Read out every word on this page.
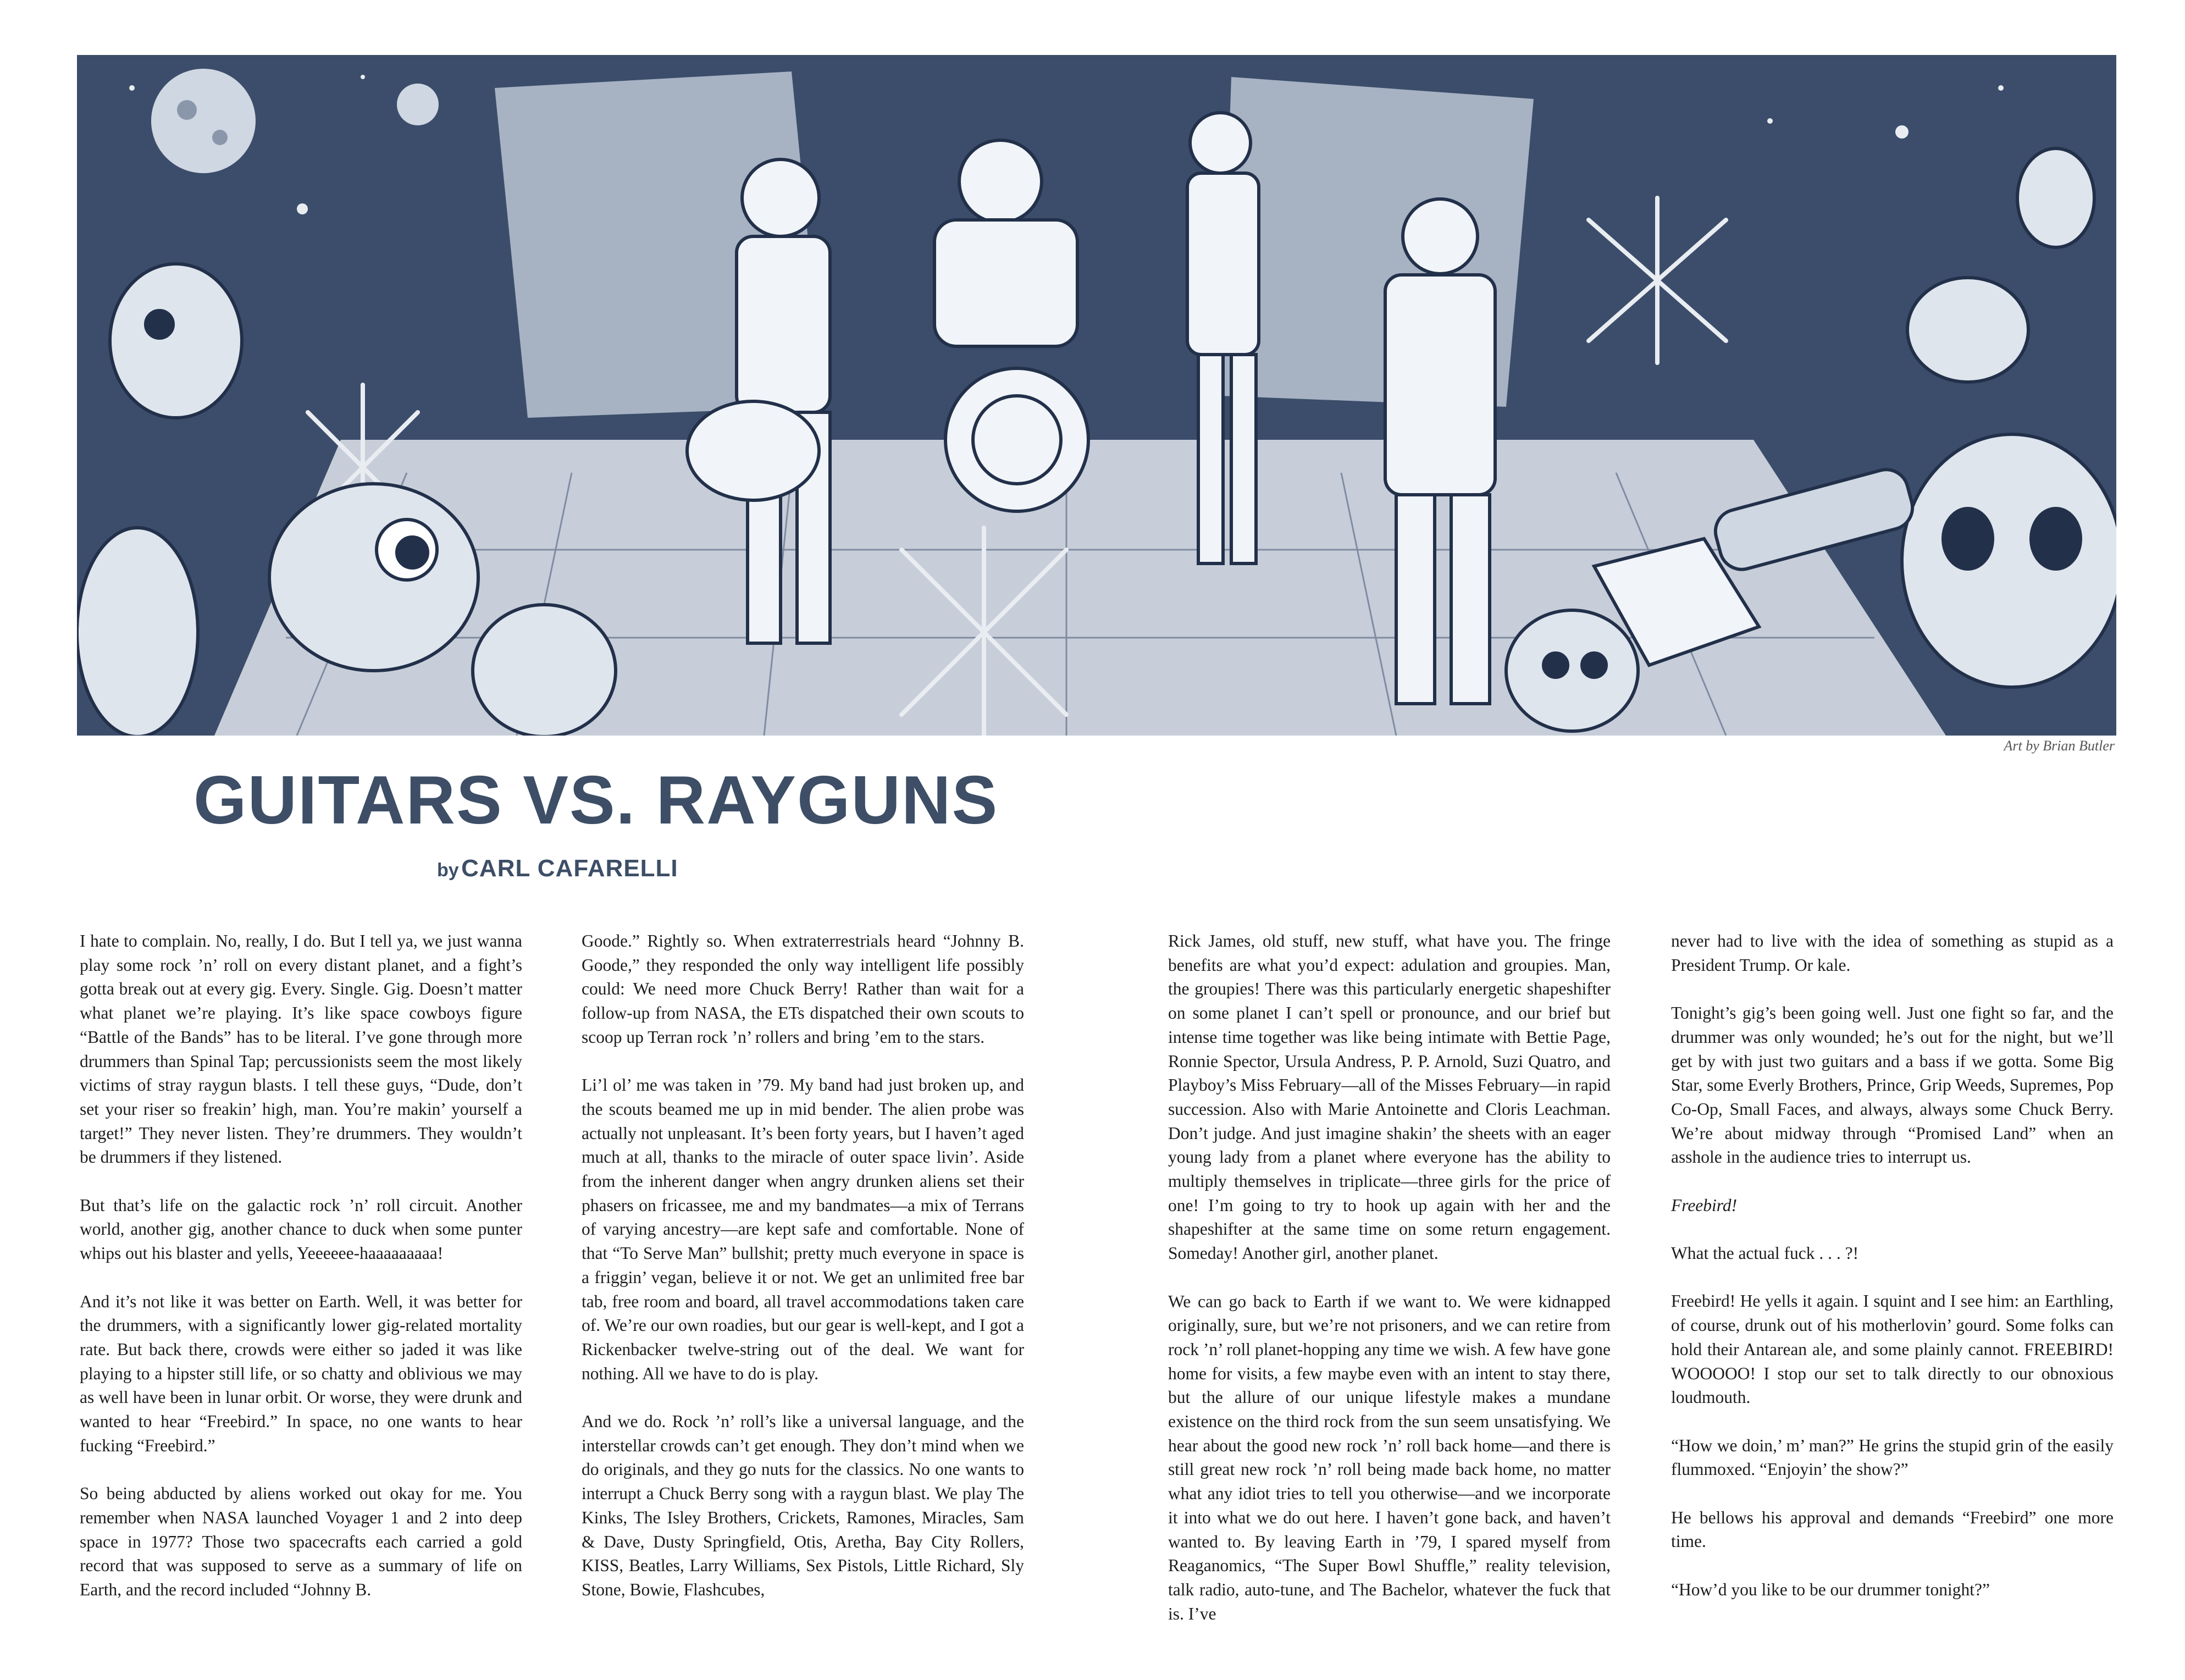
Art by Brian Butler
GUITARS VS. RAYGUNS
by CARL CAFARELLI

I hate to complain. No, really, I do. But I tell ya, we just wanna play some rock ’n’ roll on every distant planet, and a fight’s gotta break out at every gig. Every. Single. Gig. Doesn’t matter what planet we’re playing. It’s like space cowboys figure “Battle of the Bands” has to be literal. I’ve gone through more drummers than Spinal Tap; percussionists seem the most likely victims of stray raygun blasts. I tell these guys, “Dude, don’t set your riser so freakin’ high, man. You’re makin’ yourself a target!” They never listen. They’re drummers. They wouldn’t be drummers if they listened.

But that’s life on the galactic rock ’n’ roll circuit. Another world, another gig, another chance to duck when some punter whips out his blaster and yells, Yeeeeee-haaaaaaaaa!

And it’s not like it was better on Earth. Well, it was better for the drummers, with a significantly lower gig-related mortality rate. But back there, crowds were either so jaded it was like playing to a hipster still life, or so chatty and oblivious we may as well have been in lunar orbit. Or worse, they were drunk and wanted to hear “Freebird.” In space, no one wants to hear fucking “Freebird.”

So being abducted by aliens worked out okay for me. You remember when NASA launched Voyager 1 and 2 into deep space in 1977? Those two spacecrafts each carried a gold record that was supposed to serve as a summary of life on Earth, and the record included “Johnny B.

Goode.” Rightly so. When extraterrestrials heard “Johnny B. Goode,” they responded the only way intelligent life possibly could: We need more Chuck Berry! Rather than wait for a follow-up from NASA, the ETs dispatched their own scouts to scoop up Terran rock ’n’ rollers and bring ’em to the stars.

Li’l ol’ me was taken in ’79. My band had just broken up, and the scouts beamed me up in mid bender. The alien probe was actually not unpleasant. It’s been forty years, but I haven’t aged much at all, thanks to the miracle of outer space livin’. Aside from the inherent danger when angry drunken aliens set their phasers on fricassee, me and my bandmates—a mix of Terrans of varying ancestry—are kept safe and comfortable. None of that “To Serve Man” bullshit; pretty much everyone in space is a friggin’ vegan, believe it or not. We get an unlimited free bar tab, free room and board, all travel accommodations taken care of. We’re our own roadies, but our gear is well-kept, and I got a Rickenbacker twelve-string out of the deal. We want for nothing. All we have to do is play.

And we do. Rock ’n’ roll’s like a universal language, and the interstellar crowds can’t get enough. They don’t mind when we do originals, and they go nuts for the classics. No one wants to interrupt a Chuck Berry song with a raygun blast. We play The Kinks, The Isley Brothers, Crickets, Ramones, Miracles, Sam & Dave, Dusty Springfield, Otis, Aretha, Bay City Rollers, KISS, Beatles, Larry Williams, Sex Pistols, Little Richard, Sly Stone, Bowie, Flashcubes,

Rick James, old stuff, new stuff, what have you. The fringe benefits are what you’d expect: adulation and groupies. Man, the groupies! There was this particularly energetic shapeshifter on some planet I can’t spell or pronounce, and our brief but intense time together was like being intimate with Bettie Page, Ronnie Spector, Ursula Andress, P. P. Arnold, Suzi Quatro, and Playboy’s Miss February—all of the Misses February—in rapid succession. Also with Marie Antoinette and Cloris Leachman. Don’t judge. And just imagine shakin’ the sheets with an eager young lady from a planet where everyone has the ability to multiply themselves in triplicate—three girls for the price of one! I’m going to try to hook up again with her and the shapeshifter at the same time on some return engagement. Someday! Another girl, another planet.

We can go back to Earth if we want to. We were kidnapped originally, sure, but we’re not prisoners, and we can retire from rock ’n’ roll planet-hopping any time we wish. A few have gone home for visits, a few maybe even with an intent to stay there, but the allure of our unique lifestyle makes a mundane existence on the third rock from the sun seem unsatisfying. We hear about the good new rock ’n’ roll back home—and there is still great new rock ’n’ roll being made back home, no matter what any idiot tries to tell you otherwise—and we incorporate it into what we do out here. I haven’t gone back, and haven’t wanted to. By leaving Earth in ’79, I spared myself from Reaganomics, “The Super Bowl Shuffle,” reality television, talk radio, auto-tune, and The Bachelor, whatever the fuck that is. I’ve

never had to live with the idea of something as stupid as a President Trump. Or kale.

Tonight’s gig’s been going well. Just one fight so far, and the drummer was only wounded; he’s out for the night, but we’ll get by with just two guitars and a bass if we gotta. Some Big Star, some Everly Brothers, Prince, Grip Weeds, Supremes, Pop Co-Op, Small Faces, and always, always some Chuck Berry. We’re about midway through “Promised Land” when an asshole in the audience tries to interrupt us.

Freebird!

What the actual fuck . . . ?!

Freebird! He yells it again. I squint and I see him: an Earthling, of course, drunk out of his motherlovin’ gourd. Some folks can hold their Antarean ale, and some plainly cannot. FREEBIRD! WOOOOO! I stop our set to talk directly to our obnoxious loudmouth.

“How we doin,’ m’ man?” He grins the stupid grin of the easily flummoxed. “Enjoyin’ the show?”

He bellows his approval and demands “Freebird” one more time.

“How’d you like to be our drummer tonight?”
